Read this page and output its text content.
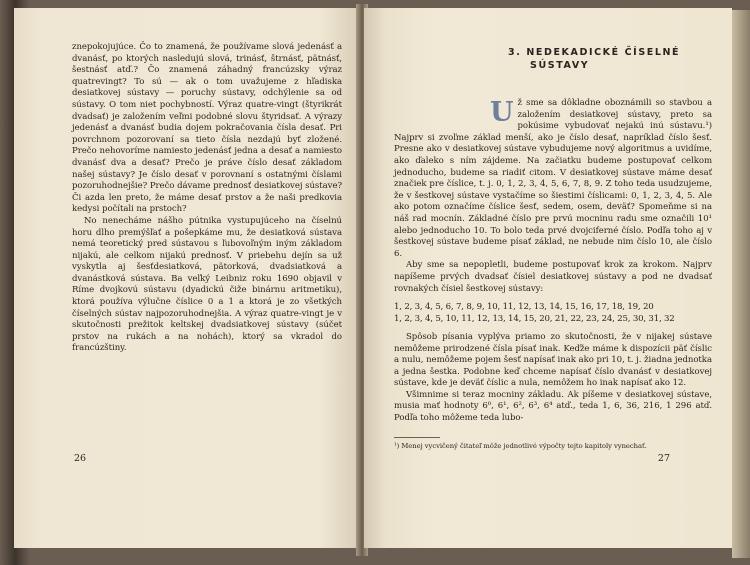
znepokojujúce. Čo to znamená, že používame slová jedenásť a dvanásť, po ktorých nasledujú slová, trinásť, štrnásť, pätnásť, šestnásť atď.? Čo znamená záhadný francúzsky výraz quatrevingt? To sú — ak o tom uvažujeme z hľadiska desiatkovej sústavy — poruchy sústavy, odchýlenie sa od sústavy. O tom niet pochybností. Výraz quatre-vingt (štyrikrát dvadsať) je založením veľmi podobné slovu štyridsať. A výrazy jedenásť a dvanásť budia dojem pokračovania čísla desať. Pri povrchnom pozorovaní sa tieto čísla nezdajú byť zložené. Prečo nehovoríme namiesto jedenásť jedna a desať a namiesto dvanásť dva a desať? Prečo je práve číslo desať základom našej sústavy? Je číslo desať v porovnaní s ostatnými číslami pozoruhodnejšie? Prečo dávame prednosť desiatkovej sústave? Či azda len preto, že máme desať prstov a že naši predkovia kedysi počítali na prstoch?

No nenecháme nášho pútnika vystupujúceho na číselnú horu dlho premýšľať a pošepkáme mu, že desiatková sústava nemá teoretický pred sústavou s ľubovoľným iným základom nijakú, ale celkom nijakú prednosť. V priebehu dejín sa už vyskytla aj šesťdesiatková, pätorková, dvadsiatková a dvanástková sústava. Ba veľký Leibniz roku 1690 objavil v Ríme dvojkovú sústavu (dyadickú čiže binárnu aritmetiku), ktorá používa výlučne číslice 0 a 1 a ktorá je zo všetkých číselných sústav najpozoruhodnejšia. A výraz quatre-vingt je v skutočnosti prežitok keltskej dvadsiatkovej sústavy (súčet prstov na rukách a na nohách), ktorý sa vkradol do francúzštiny.

26
3. NEDEKADICKÉ ČÍSELNÉ
SÚSTAVY
U ž sme sa dôkladne oboznámili so stavbou a založením desiatkovej sústavy, preto sa pokúsime vybudovať nejakú inú sústavu.¹) Najprv si zvoľme základ menší, ako je číslo desať, napríklad číslo šesť. Presne ako v desiatkovej sústave vybudujeme nový algoritmus a uvidíme, ako ďaleko s ním zájdeme. Na začiatku budeme postupovať celkom jednoducho, budeme sa riadiť citom. V desiatkovej sústave máme desať značiek pre číslice, t. j. 0, 1, 2, 3, 4, 5, 6, 7, 8, 9. Z toho teda usudzujeme, že v šestkovej sústave vystačíme so šiestimi číslicami: 0, 1, 2, 3, 4, 5. Ale ako potom označíme číslice šesť, sedem, osem, deväť? Spomeňme si na náš rad mocnín. Základné číslo pre prvú mocninu radu sme označili 10¹ alebo jednoducho 10. To bolo teda prvé dvojciferné číslo. Podľa toho aj v šestkovej sústave budeme písať základ, ne nebude nim číslo 10, ale číslo 6.

Aby sme sa nepopletli, budeme postupovať krok za krokom. Najprv napíšeme prvých dvadsať čísiel desiatkovej sústavy a pod ne dvadsať rovnakých čísiel šestkovej sústavy:

1, 2, 3, 4, 5, 6, 7, 8, 9, 10, 11, 12, 13, 14, 15, 16, 17, 18, 19, 20
1, 2, 3, 4, 5, 10, 11, 12, 13, 14, 15, 20, 21, 22, 23, 24, 25, 30, 31, 32

Spôsob písania vyplýva priamo zo skutočnosti, že v nijakej sústave nemôžeme prirodzené čísla písať inak. Keďže máme k dispozícii päť číslic a nulu, nemôžeme pojem šesť napísať inak ako pri 10, t. j. žiadna jednotka a jedna šestka. Podobne keď chceme napísať číslo dvanásť v desiatkovej sústave, kde je deväť číslic a nula, nemôžem ho inak napísať ako 12.

Všimnime si teraz mocniny základu. Ak píšeme v desiatkovej sústave, musia mať hodnoty 6⁰, 6¹, 6², 6³, 6⁴ atď., teda 1, 6, 36, 216, 1 296 atď. Podľa toho môžeme teda lubo-

¹) Menej vycvičený čitateľ môže jednotlivé výpočty tejto kapitoly vynechať.

27
